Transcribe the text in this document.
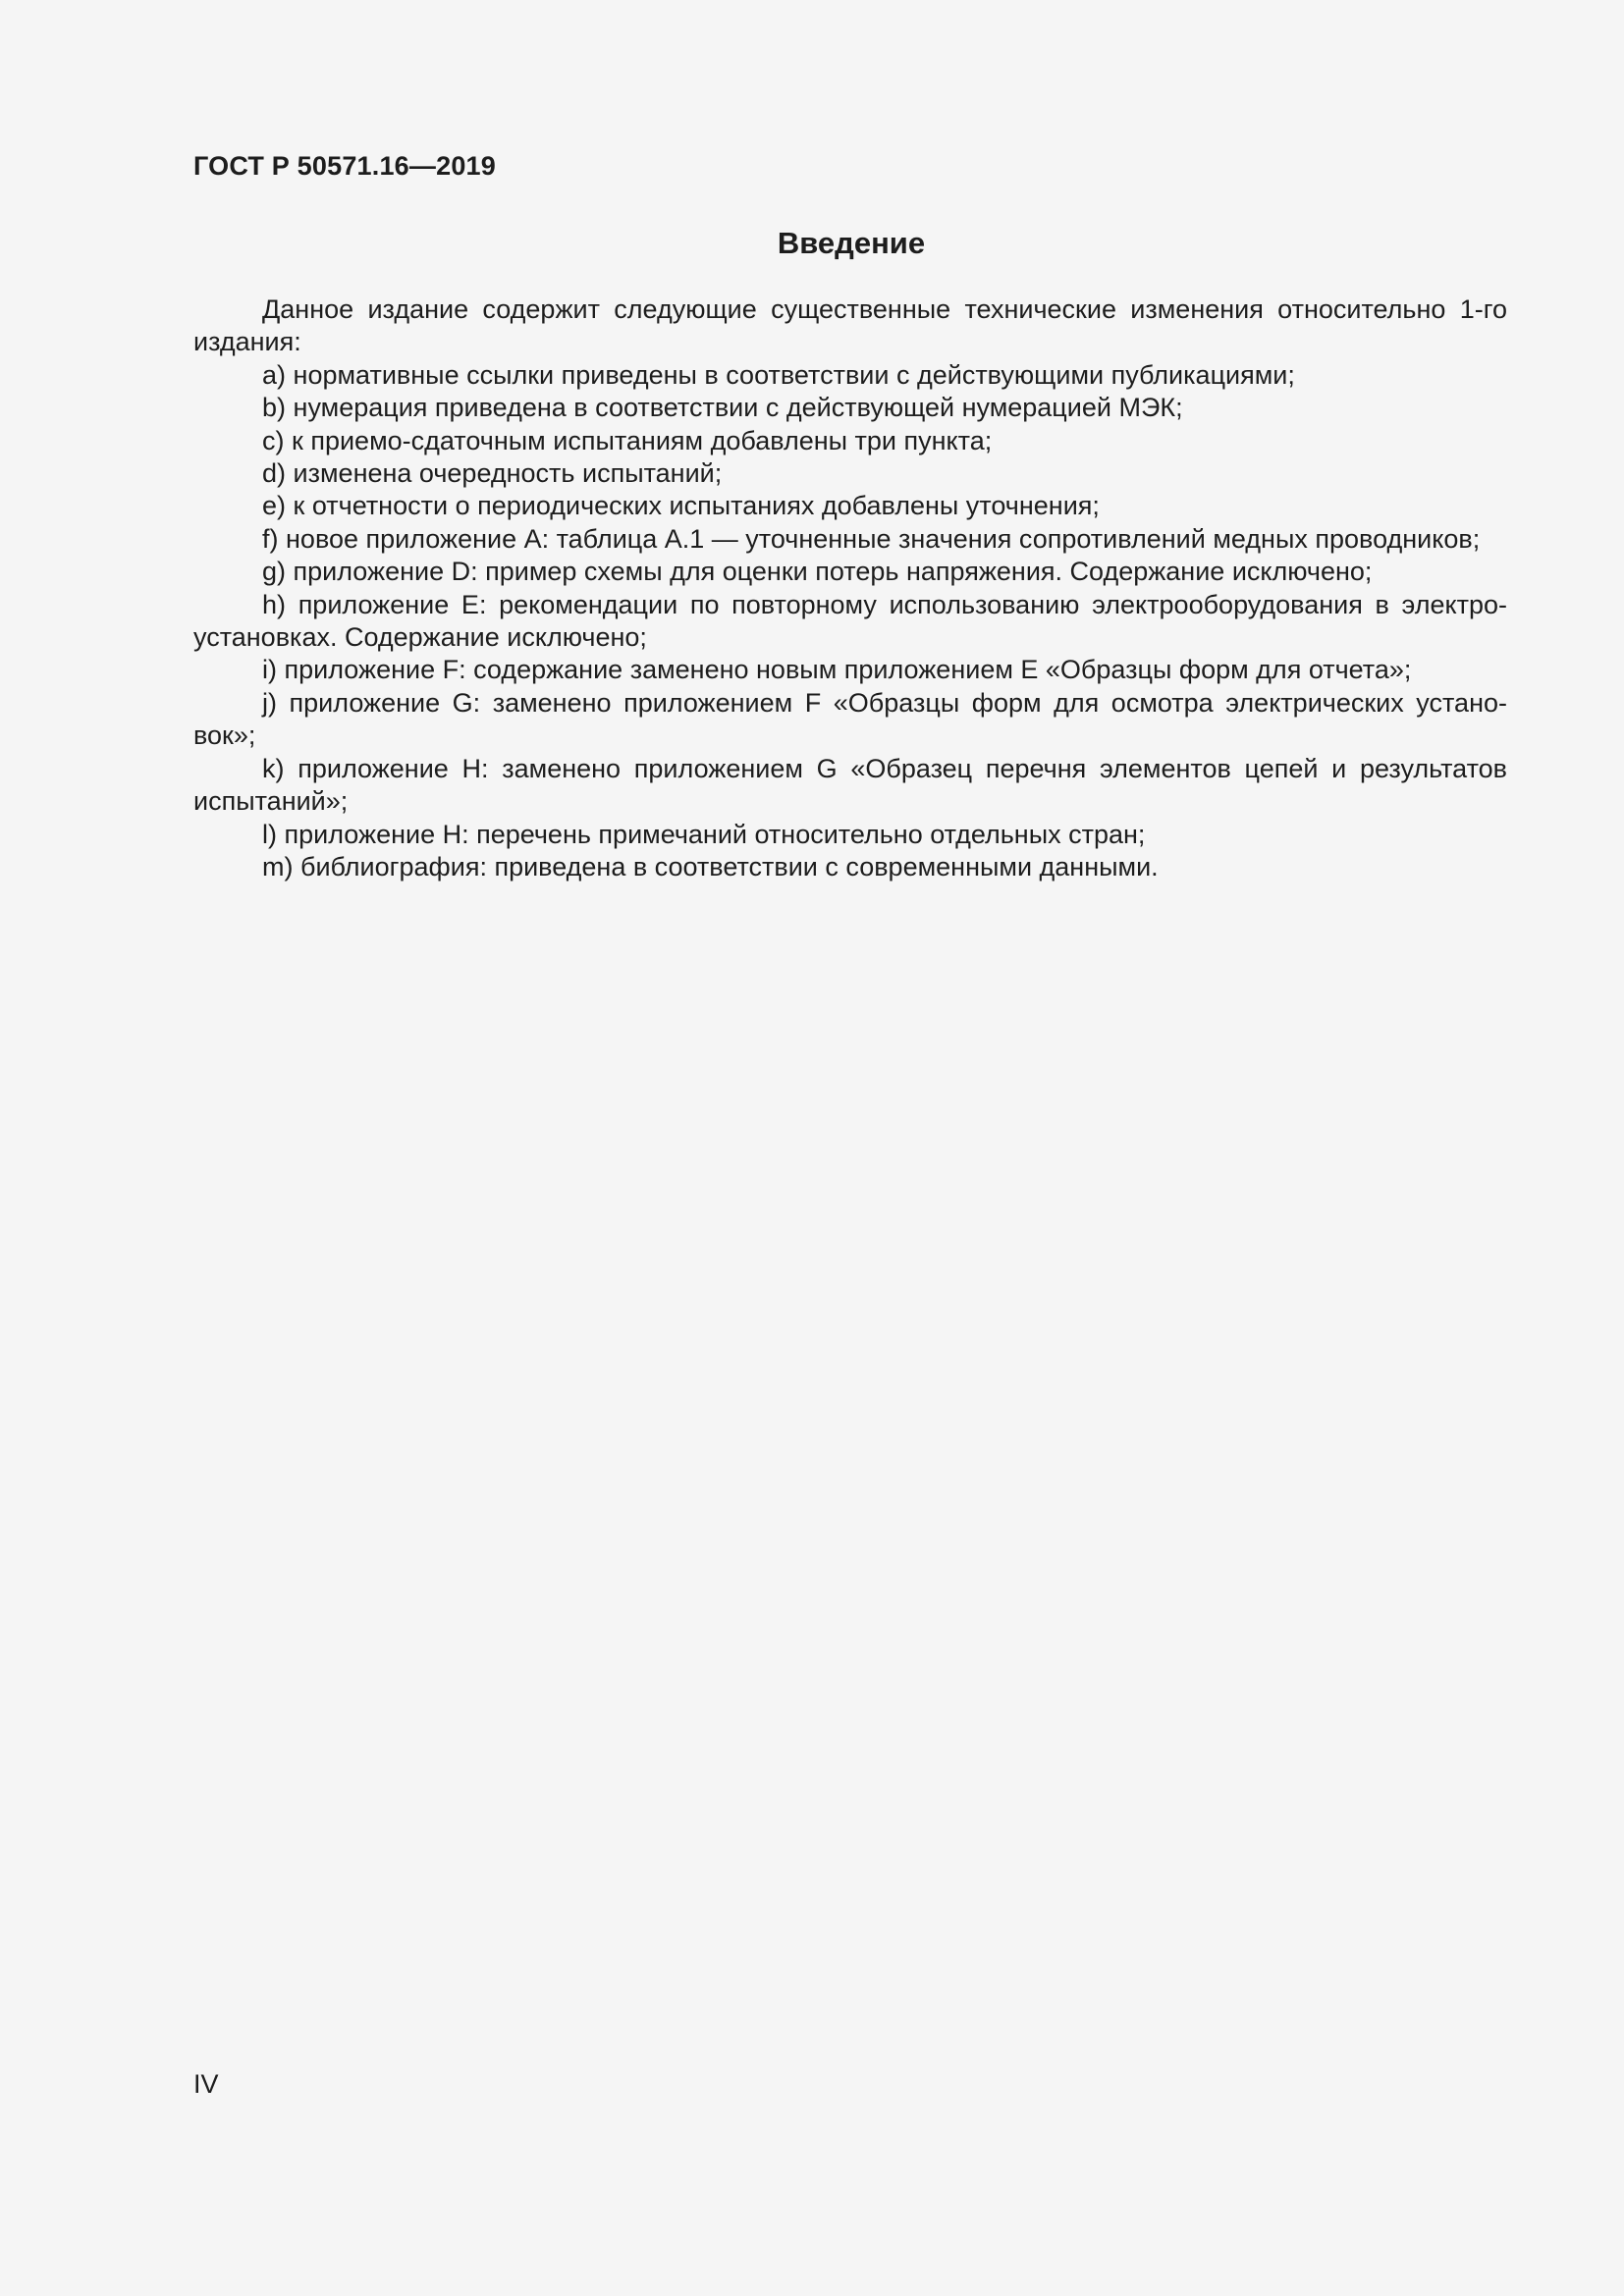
ГОСТ Р 50571.16—2019
Введение

Данное издание содержит следующие существенные технические изменения относительно 1-го издания:

a) нормативные ссылки приведены в соответствии с действующими публикациями;

b) нумерация приведена в соответствии с действующей нумерацией МЭК;

c) к приемо-сдаточным испытаниям добавлены три пункта;

d) изменена очередность испытаний;

e) к отчетности о периодических испытаниях добавлены уточнения;

f) новое приложение А: таблица А.1 — уточненные значения сопротивлений медных проводников;

g) приложение D: пример схемы для оценки потерь напряжения. Содержание исключено;

h) приложение Е: рекомендации по повторному использованию электрооборудования в электро-установках. Содержание исключено;

i) приложение F: содержание заменено новым приложением Е «Образцы форм для отчета»;

j) приложение G: заменено приложением F «Образцы форм для осмотра электрических устано-вок»;

k) приложение Н: заменено приложением G «Образец перечня элементов цепей и результатов испытаний»;

l) приложение Н: перечень примечаний относительно отдельных стран;

m) библиография: приведена в соответствии с современными данными.

IV
